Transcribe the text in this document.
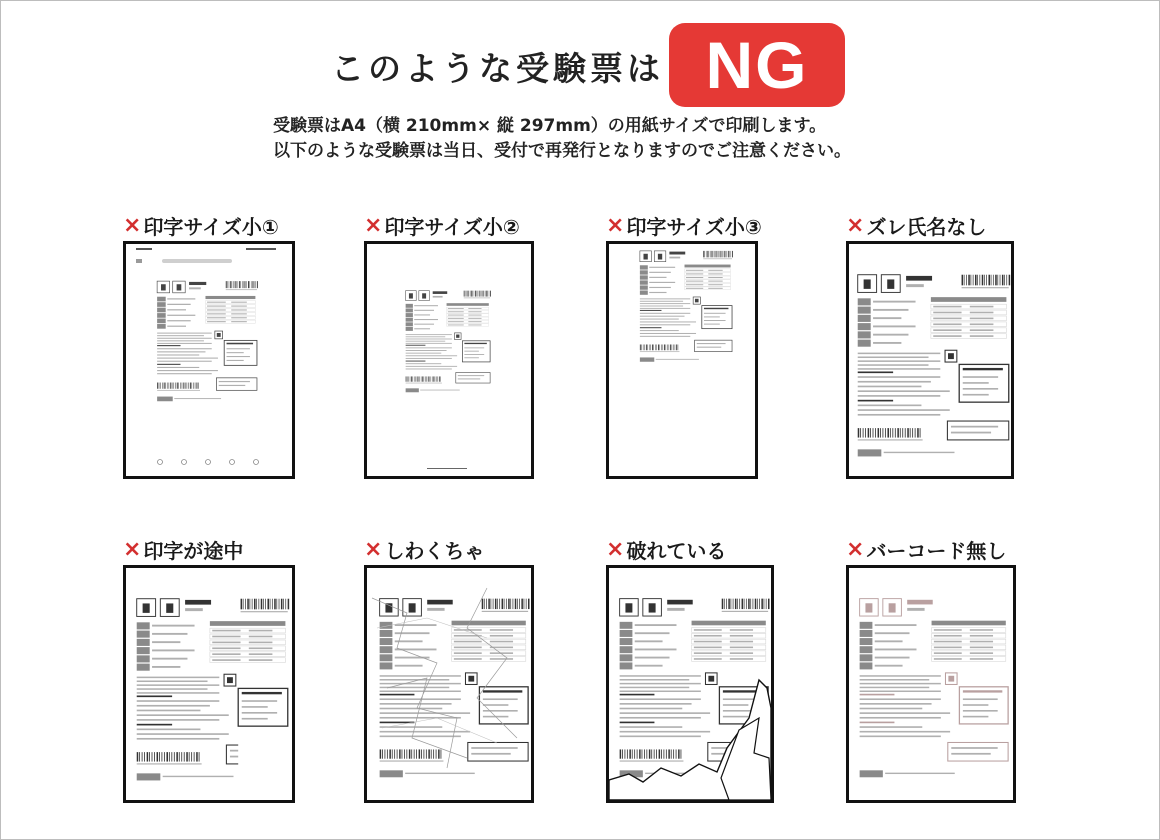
このような受験票は NG
受験票はA4（横 210mm× 縦 297mm）の用紙サイズで印刷します。
以下のような受験票は当日、受付で再発行となりますのでご注意ください。
× 印字サイズ小①	× 印字サイズ小②	× 印字サイズ小③	× ズレ氏名なし
× 印字が途中	× しわくちゃ	× 破れている	× バーコード無し
